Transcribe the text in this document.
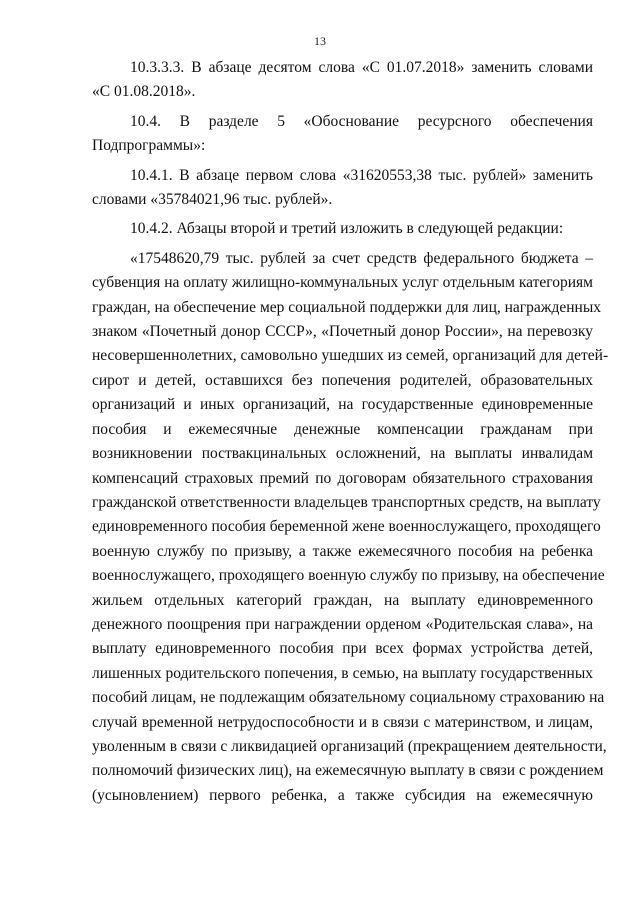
13

10.3.3.3. В абзаце десятом слова «С 01.07.2018» заменить словами
«С 01.08.2018».

10.4. В разделе 5 «Обоснование ресурсного обеспечения
Подпрограммы»:

10.4.1. В абзаце первом слова «31620553,38 тыс. рублей» заменить
словами «35784021,96 тыс. рублей».

10.4.2. Абзацы второй и третий изложить в следующей редакции:

«17548620,79 тыс. рублей за счет средств федерального бюджета –
субвенция на оплату жилищно-коммунальных услуг отдельным категориям
граждан, на обеспечение мер социальной поддержки для лиц, награжденных
знаком «Почетный донор СССР», «Почетный донор России», на перевозку
несовершеннолетних, самовольно ушедших из семей, организаций для детей-
сирот и детей, оставшихся без попечения родителей, образовательных
организаций и иных организаций, на государственные единовременные
пособия и ежемесячные денежные компенсации гражданам при
возникновении поствакцинальных осложнений, на выплаты инвалидам
компенсаций страховых премий по договорам обязательного страхования
гражданской ответственности владельцев транспортных средств, на выплату
единовременного пособия беременной жене военнослужащего, проходящего
военную службу по призыву, а также ежемесячного пособия на ребенка
военнослужащего, проходящего военную службу по призыву, на обеспечение
жильем отдельных категорий граждан, на выплату единовременного
денежного поощрения при награждении орденом «Родительская слава», на
выплату единовременного пособия при всех формах устройства детей,
лишенных родительского попечения, в семью, на выплату государственных
пособий лицам, не подлежащим обязательному социальному страхованию на
случай временной нетрудоспособности и в связи с материнством, и лицам,
уволенным в связи с ликвидацией организаций (прекращением деятельности,
полномочий физических лиц), на ежемесячную выплату в связи с рождением
(усыновлением) первого ребенка, а также субсидия на ежемесячную
